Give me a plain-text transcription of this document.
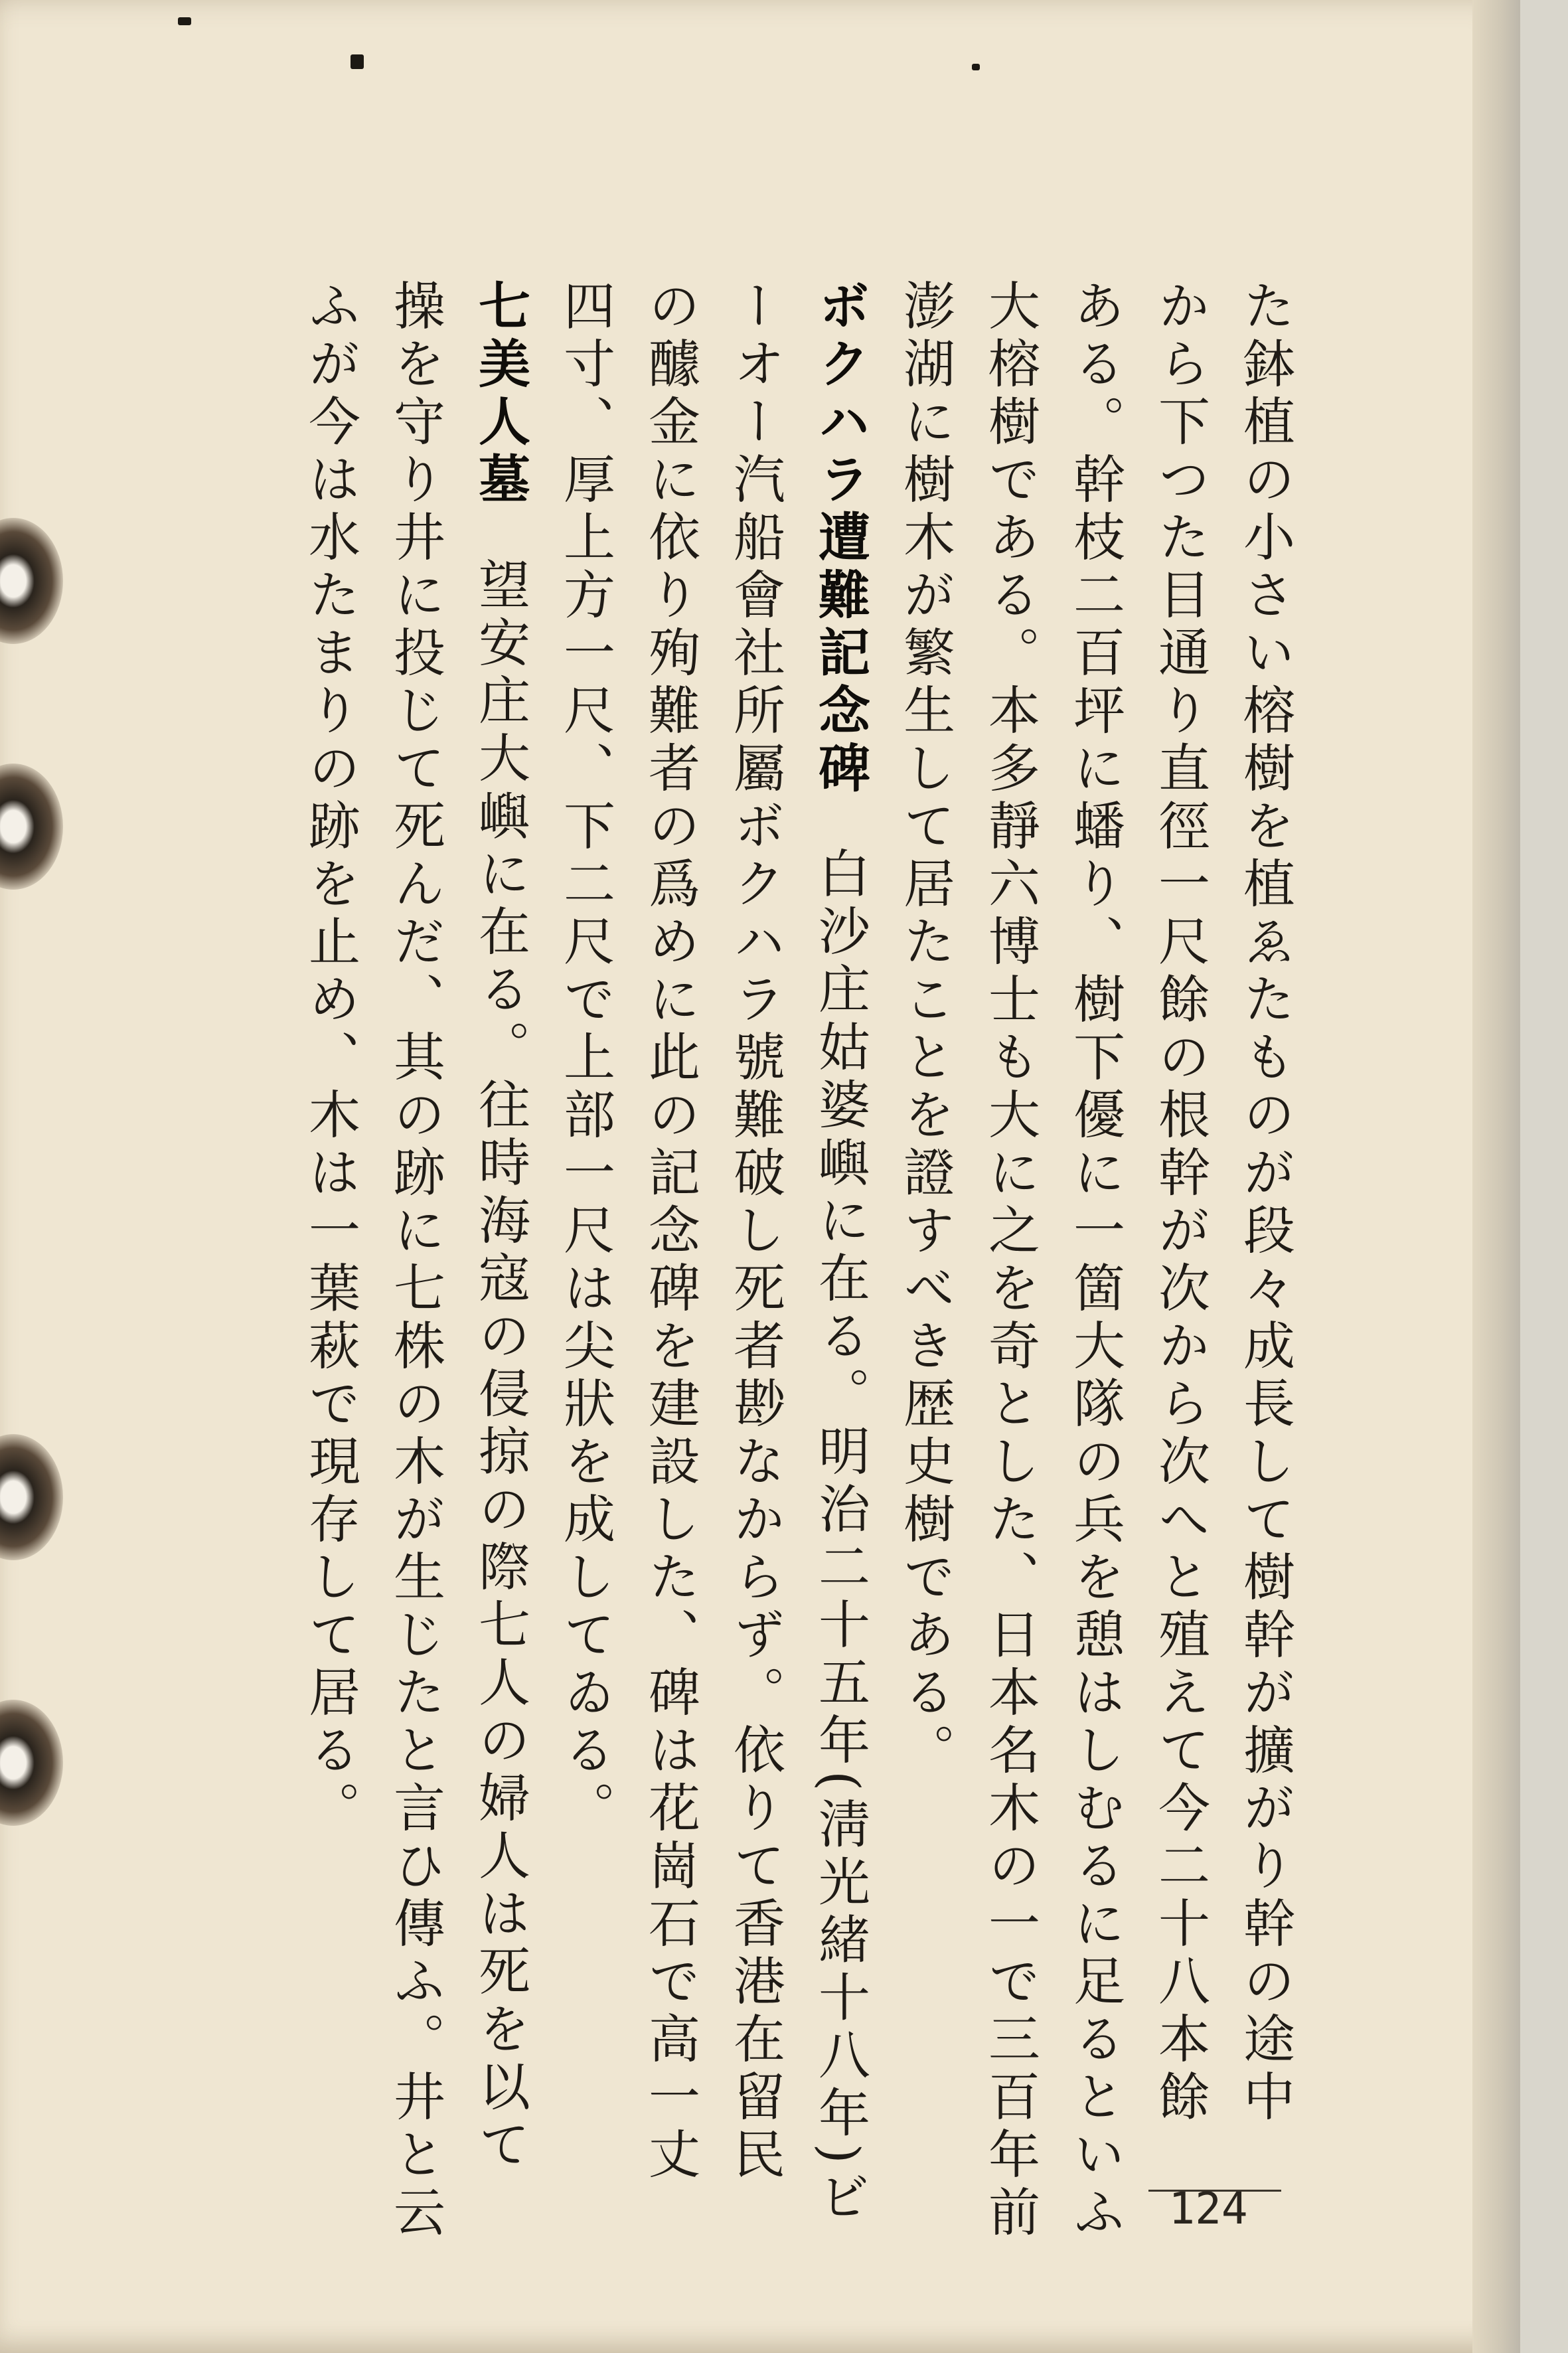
た鉢植の小さい榕樹を植ゑたものが段々成長して樹幹が擴がり幹の途中
から下つた目通り直徑一尺餘の根幹が次から次へと殖えて今二十八本餘
ある。幹枝二百坪に蟠り、樹下優に一箇大隊の兵を憩はしむるに足るといふ
大榕樹である。本多靜六博士も大に之を奇とした、日本名木の一で三百年前
澎湖に樹木が繁生して居たことを證すべき歴史樹である。
ボクハラ遭難記念碑白沙庄姑婆嶼に在る。明治二十五年(淸光緒十八年)ビ
ーオー汽船會社所屬ボクハラ號難破し死者尠なからず。依りて香港在留民
の醵金に依り殉難者の爲めに此の記念碑を建設した、碑は花崗石で高一丈
四寸、厚上方一尺、下二尺で上部一尺は尖狀を成してゐる。
七美人墓望安庄大嶼に在る。往時海寇の侵掠の際七人の婦人は死を以て
操を守り井に投じて死んだ、其の跡に七株の木が生じたと言ひ傳ふ。井と云
ふが今は水たまりの跡を止め、木は一葉萩で現存して居る。
124
